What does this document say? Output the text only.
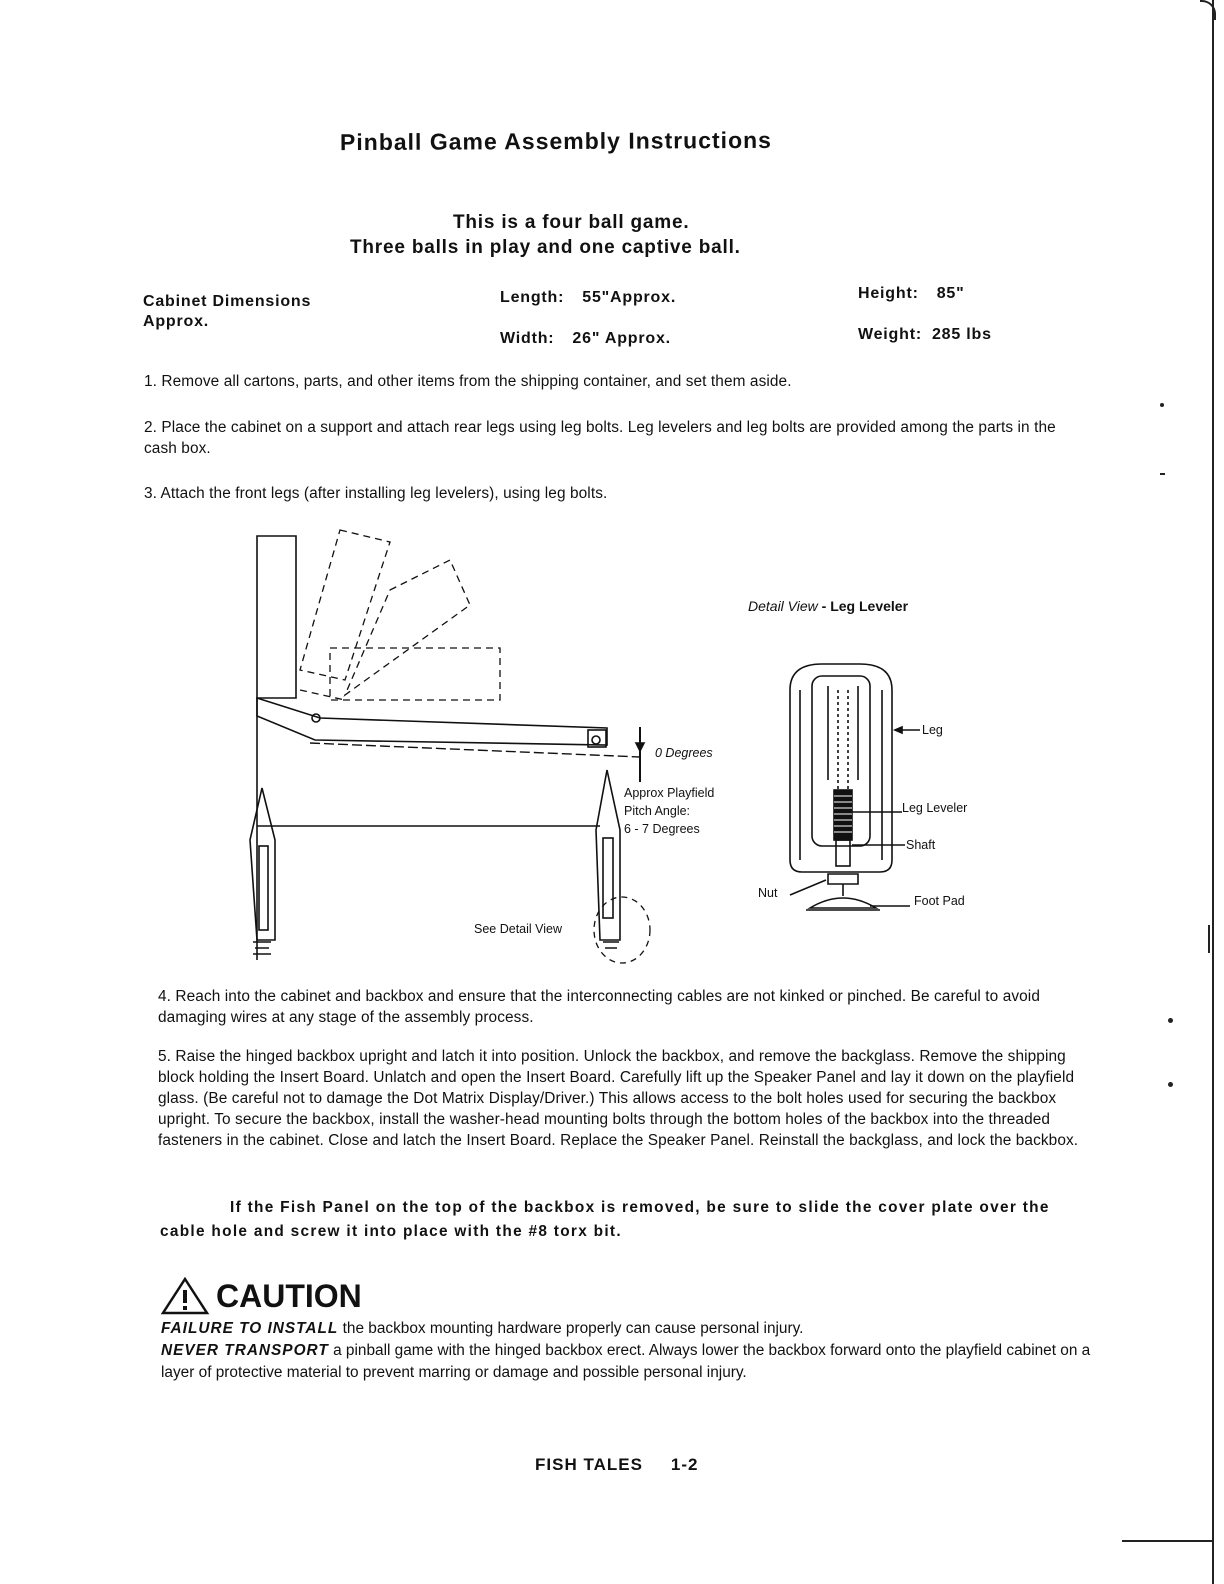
Pinball Game Assembly Instructions
This is a four ball game.
Three balls in play and one captive ball.
Cabinet Dimensions
Approx.
Length: 55"Approx.
Width: 26" Approx.
Height: 85"
Weight: 285 lbs
1. Remove all cartons, parts, and other items from the shipping container, and set them aside.
2. Place the cabinet on a support and attach rear legs using leg bolts. Leg levelers and leg bolts are provided among the parts in the cash box.
3. Attach the front legs (after installing leg levelers), using leg bolts.
0 Degrees
Approx Playfield
Pitch Angle:
6 - 7 Degrees
See Detail View
Detail View - Leg Leveler
Leg
Leg Leveler
Shaft
Nut
Foot Pad
4. Reach into the cabinet and backbox and ensure that the interconnecting cables are not kinked or pinched. Be careful to avoid damaging wires at any stage of the assembly process.
5. Raise the hinged backbox upright and latch it into position. Unlock the backbox, and remove the backglass. Remove the shipping block holding the Insert Board. Unlatch and open the Insert Board. Carefully lift up the Speaker Panel and lay it down on the playfield glass. (Be careful not to damage the Dot Matrix Display/Driver.) This allows access to the bolt holes used for securing the backbox upright. To secure the backbox, install the washer-head mounting bolts through the bottom holes of the backbox into the threaded fasteners in the cabinet. Close and latch the Insert Board. Replace the Speaker Panel. Reinstall the backglass, and lock the backbox.
If the Fish Panel on the top of the backbox is removed, be sure to slide the cover plate over the cable hole and screw it into place with the #8 torx bit.
CAUTION
FAILURE TO INSTALL the backbox mounting hardware properly can cause personal injury.
NEVER TRANSPORT a pinball game with the hinged backbox erect. Always lower the backbox forward onto the playfield cabinet on a layer of protective material to prevent marring or damage and possible personal injury.
FISH TALES 1-2
